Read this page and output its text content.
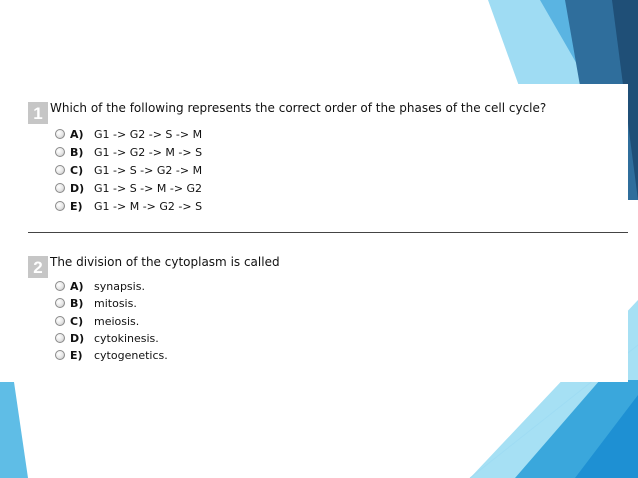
1 Which of the following represents the correct order of the phases of the cell cycle?
A) G1 -> G2 -> S -> M
B) G1 -> G2 -> M -> S
C) G1 -> S -> G2 -> M
D) G1 -> S -> M -> G2
E)	G1 -> M -> G2 -> S
2 The division of the cytoplasm is called
A) synapsis.
B) mitosis.
C) meiosis.
D) cytokinesis.
E)	cytogenetics.
